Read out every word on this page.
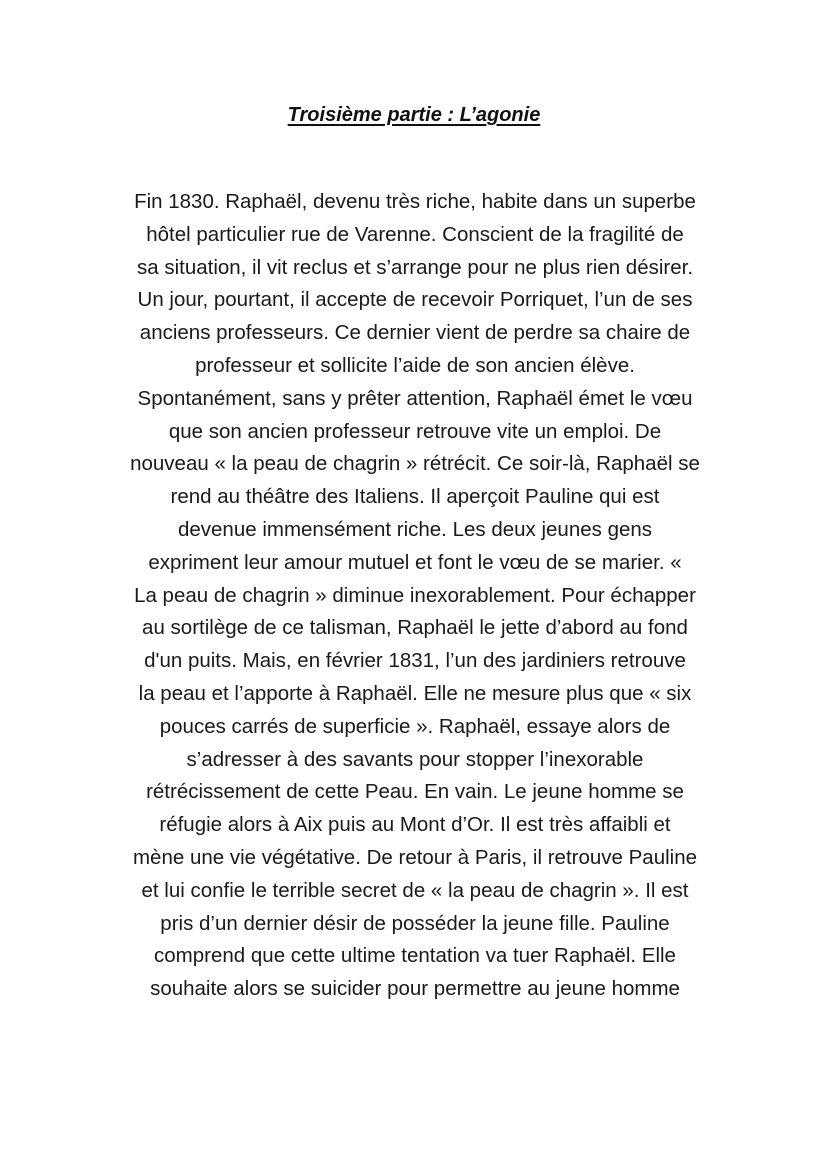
Troisième partie : L’agonie
Fin 1830. Raphaël, devenu très riche, habite dans un superbe
hôtel particulier rue de Varenne. Conscient de la fragilité de
sa situation, il vit reclus et s’arrange pour ne plus rien désirer.
Un jour, pourtant, il accepte de recevoir Porriquet, l’un de ses
anciens professeurs. Ce dernier vient de perdre sa chaire de
professeur et sollicite l’aide de son ancien élève.
Spontanément, sans y prêter attention, Raphaël émet le vœu
que son ancien professeur retrouve vite un emploi. De
nouveau « la peau de chagrin » rétrécit. Ce soir-là, Raphaël se
rend au théâtre des Italiens. Il aperçoit Pauline qui est
devenue immensément riche. Les deux jeunes gens
expriment leur amour mutuel et font le vœu de se marier. «
La peau de chagrin » diminue inexorablement. Pour échapper
au sortilège de ce talisman, Raphaël le jette d’abord au fond
d'un puits. Mais, en février 1831, l’un des jardiniers retrouve
la peau et l’apporte à Raphaël. Elle ne mesure plus que « six
pouces carrés de superficie ». Raphaël, essaye alors de
s’adresser à des savants pour stopper l’inexorable
rétrécissement de cette Peau. En vain. Le jeune homme se
réfugie alors à Aix puis au Mont d’Or. Il est très affaibli et
mène une vie végétative. De retour à Paris, il retrouve Pauline
et lui confie le terrible secret de « la peau de chagrin ». Il est
pris d’un dernier désir de posséder la jeune fille. Pauline
comprend que cette ultime tentation va tuer Raphaël. Elle
souhaite alors se suicider pour permettre au jeune homme
